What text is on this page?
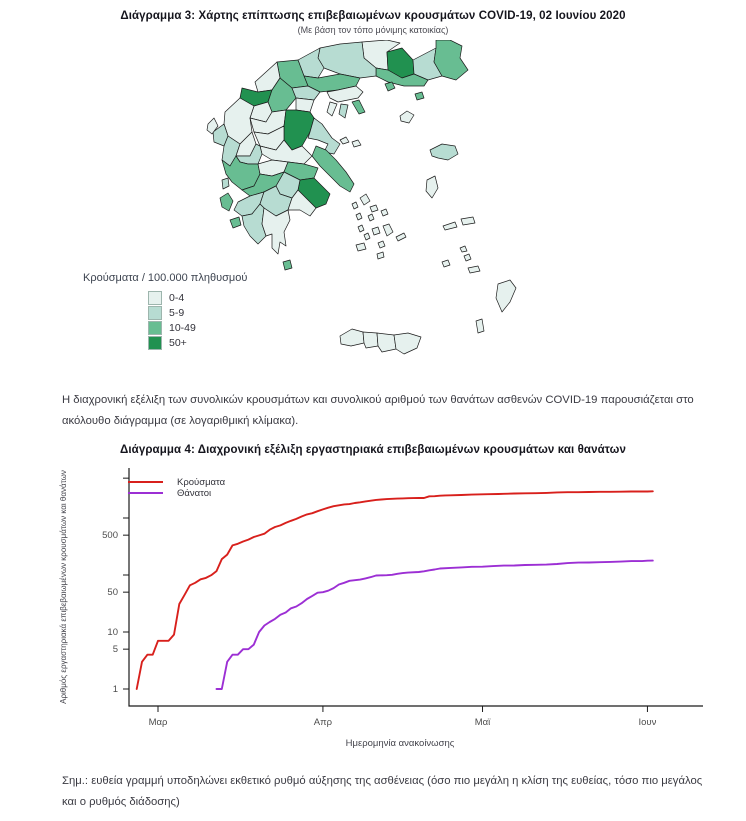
Διάγραμμα 3: Χάρτης επίπτωσης επιβεβαιωμένων κρουσμάτων COVID-19, 02 Ιουνίου 2020
(Με βάση τον τόπο μόνιμης κατοικίας)
Κρούσματα / 100.000 πληθυσμού
0-4
5-9
10-49
50+
Η διαχρονική εξέλιξη των συνολικών κρουσμάτων και συνολικού αριθμού των θανάτων ασθενών COVID-19 παρουσιάζεται στο ακόλουθο διάγραμμα (σε λογαριθμική κλίμακα).
Διάγραμμα 4: Διαχρονική εξέλιξη εργαστηριακά επιβεβαιωμένων κρουσμάτων και θανάτων
1
5
10
50
500
Μαρ	Απρ	Μαϊ	Ιουν
Ημερομηνία ανακοίνωσης
Αριθμός εργαστηριακά επιβεβαιωμένων κρουσμάτων και θανάτων	Κρούσματα
Θάνατοι
Σημ.: ευθεία γραμμή υποδηλώνει εκθετικό ρυθμό αύξησης της ασθένειας (όσο πιο μεγάλη η κλίση της ευθείας, τόσο πιο μεγάλος και ο ρυθμός διάδοσης)
